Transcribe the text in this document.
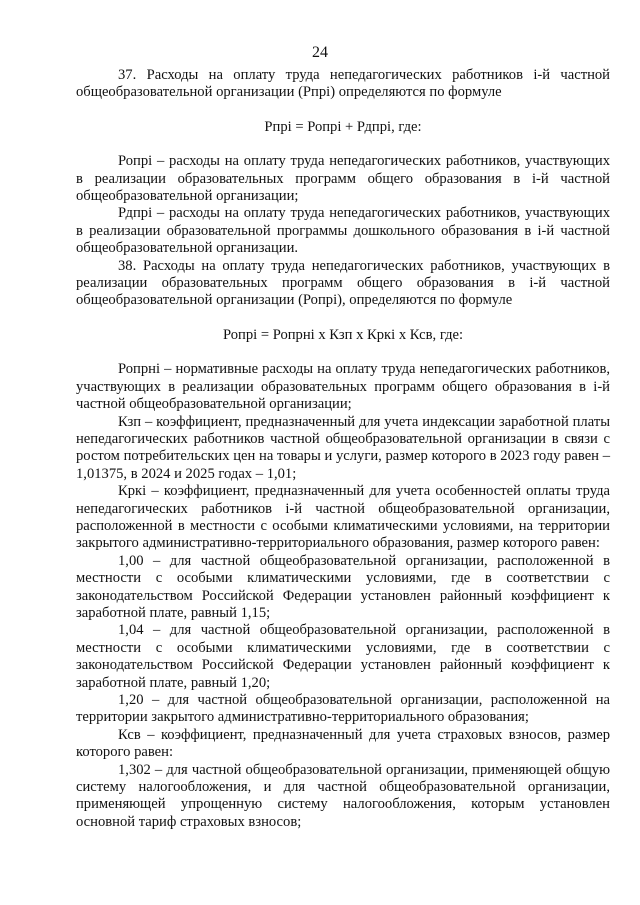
24

37. Расходы на оплату труда непедагогических работников i-й частной общеобразовательной организации (Рпрi) определяются по формуле

Рпрi = Ропрi + Рдпрi, где:

Ропрi – расходы на оплату труда непедагогических работников, участвующих в реализации образовательных программ общего образования в i-й частной общеобразовательной организации;

Рдпрi – расходы на оплату труда непедагогических работников, участвующих в реализации образовательной программы дошкольного образования в i-й частной общеобразовательной организации.

38. Расходы на оплату труда непедагогических работников, участвующих в реализации образовательных программ общего образования в i-й частной общеобразовательной организации (Ропрi), определяются по формуле

Ропрi = Ропрнi x Кзп x Кркi x Ксв, где:

Ропрнi – нормативные расходы на оплату труда непедагогических работников, участвующих в реализации образовательных программ общего образования в i-й частной общеобразовательной организации;

Кзп – коэффициент, предназначенный для учета индексации заработной платы непедагогических работников частной общеобразовательной организации в связи с ростом потребительских цен на товары и услуги, размер которого в 2023 году равен – 1,01375, в 2024 и 2025 годах – 1,01;

Кркi – коэффициент, предназначенный для учета особенностей оплаты труда непедагогических работников i-й частной общеобразовательной организации, расположенной в местности с особыми климатическими условиями, на территории закрытого административно-территориального образования, размер которого равен:

1,00 – для частной общеобразовательной организации, расположенной в местности с особыми климатическими условиями, где в соответствии с законодательством Российской Федерации установлен районный коэффициент к заработной плате, равный 1,15;

1,04 – для частной общеобразовательной организации, расположенной в местности с особыми климатическими условиями, где в соответствии с законодательством Российской Федерации установлен районный коэффициент к заработной плате, равный 1,20;

1,20 – для частной общеобразовательной организации, расположенной на территории закрытого административно-территориального образования;

Ксв – коэффициент, предназначенный для учета страховых взносов, размер которого равен:

1,302 – для частной общеобразовательной организации, применяющей общую систему налогообложения, и для частной общеобразовательной организации, применяющей упрощенную систему налогообложения, которым установлен основной тариф страховых взносов;
